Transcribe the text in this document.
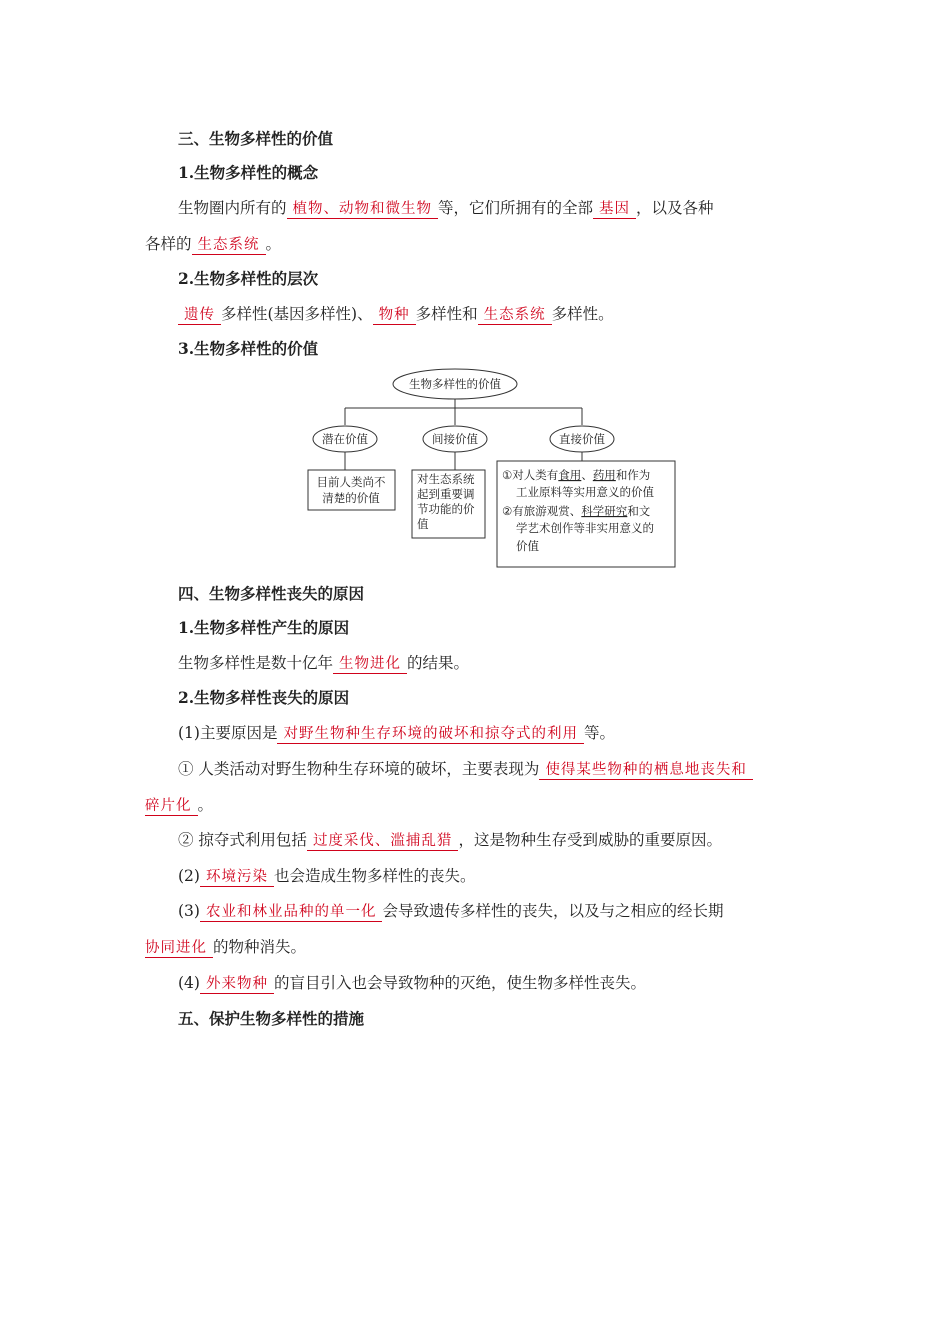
三、生物多样性的价值
1.生物多样性的概念
生物圈内所有的 植物、动物和微生物 等，它们所拥有的全部 基因 ，以及各种
各样的 生态系统 。
2.生物多样性的层次
遗传 多样性(基因多样性)、 物种 多样性和 生态系统 多样性。
3.生物多样性的价值
生物多样性的价值
潜在价值	间接价值	直接价值
目前人类尚不
清楚的价值
对生态系统
起到重要调
节功能的价
值
①对人类有食用、药用和作为
工业原料等实用意义的价值
②有旅游观赏、科学研究和文
学艺术创作等非实用意义的
价值
四、生物多样性丧失的原因
1.生物多样性产生的原因
生物多样性是数十亿年 生物进化 的结果。
2.生物多样性丧失的原因
(1)主要原因是 对野生物种生存环境的破坏和掠夺式的利用 等。
① 人类活动对野生物种生存环境的破坏，主要表现为 使得某些物种的栖息地丧失和
碎片化 。
② 掠夺式利用包括 过度采伐、滥捕乱猎 ，这是物种生存受到威胁的重要原因。
(2) 环境污染 也会造成生物多样性的丧失。
(3) 农业和林业品种的单一化 会导致遗传多样性的丧失，以及与之相应的经长期
协同进化 的物种消失。
(4) 外来物种 的盲目引入也会导致物种的灭绝，使生物多样性丧失。
五、保护生物多样性的措施
